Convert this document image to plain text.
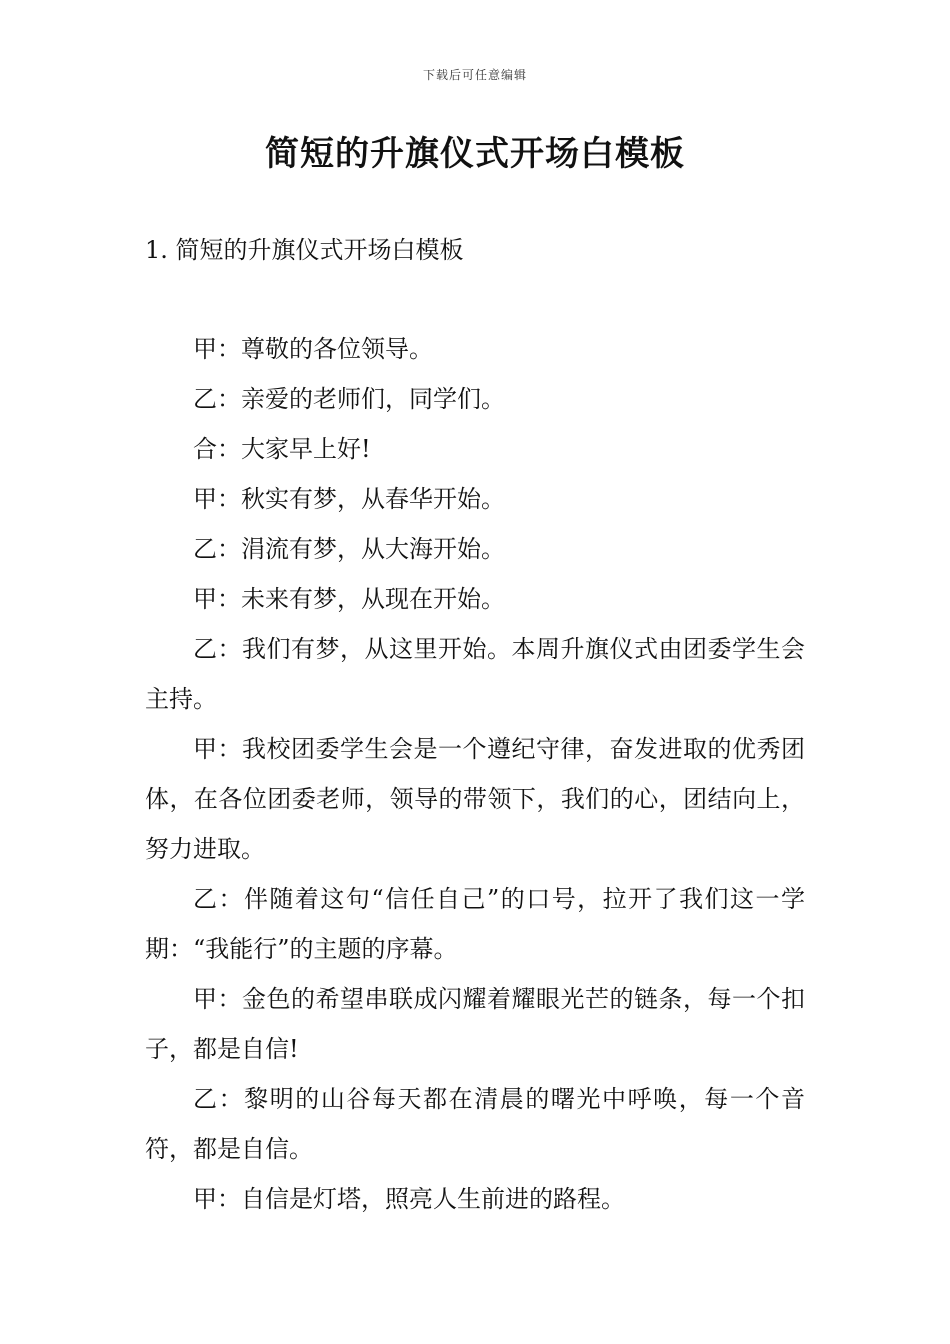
下载后可任意编辑
简短的升旗仪式开场白模板
1. 简短的升旗仪式开场白模板

甲：尊敬的各位领导。

乙：亲爱的老师们，同学们。

合：大家早上好!

甲：秋实有梦，从春华开始。

乙：涓流有梦，从大海开始。

甲：未来有梦，从现在开始。

乙：我们有梦，从这里开始。本周升旗仪式由团委学生会主持。

甲：我校团委学生会是一个遵纪守律，奋发进取的优秀团体，在各位团委老师，领导的带领下，我们的心，团结向上，努力进取。

乙：伴随着这句“信任自己”的口号，拉开了我们这一学期：“我能行”的主题的序幕。

甲：金色的希望串联成闪耀着耀眼光芒的链条，每一个扣子，都是自信!

乙：黎明的山谷每天都在清晨的曙光中呼唤，每一个音符，都是自信。

甲：自信是灯塔，照亮人生前进的路程。
